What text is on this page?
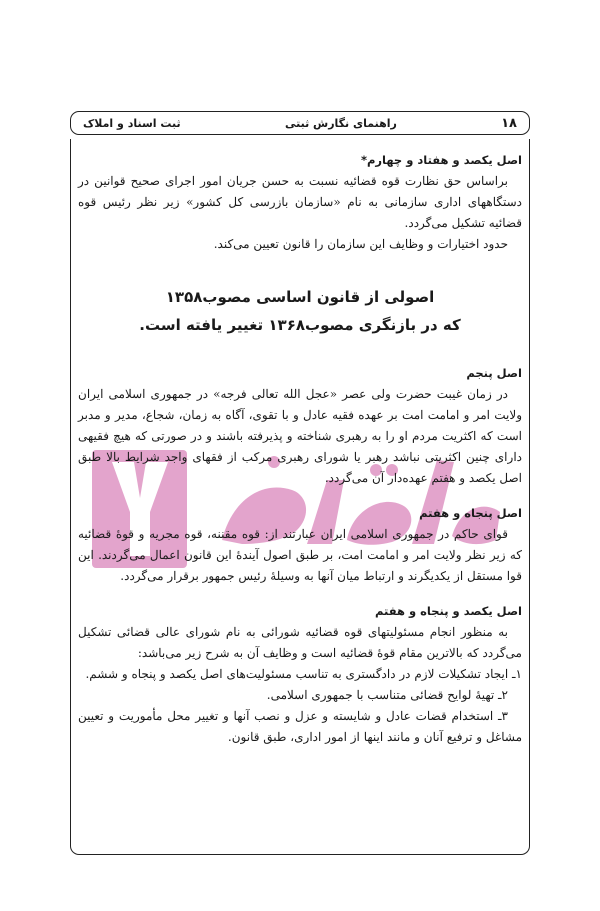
۱۸
راهنمای نگارش ثبتی
ثبت اسناد و املاک

اصل یکصد و هفتاد و چهارم*

براساس حق نظارت قوه قضائیه نسبت به حسن جریان امور اجرای صحیح قوانین در دستگاههای اداری سازمانی به نام «سازمان بازرسی کل کشور» زیر نظر رئیس قوه قضائیه تشکیل می‌گردد.

حدود اختیارات و وظایف این سازمان را قانون تعیین می‌کند.

اصولی از قانون اساسی مصوب۱۳۵۸

که در بازنگری مصوب۱۳۶۸ تغییر یافته است.

اصل پنجم

در زمان غیبت حضرت ولی عصر «عجل الله تعالی فرجه» در جمهوری اسلامی ایران ولایت امر و امامت امت بر عهده فقیه عادل و با تقوی، آگاه به زمان، شجاع، مدیر و مدبر است که اکثریت مردم او را به رهبری شناخته و پذیرفته باشند و در صورتی که هیچ فقیهی دارای چنین اکثریتی نباشد رهبر یا شورای رهبری مرکب از فقهای واجد شرایط بالا طبق اصل یکصد و هفتم عهده‌دار آن می‌گردد.

اصل پنجاه و هفتم

قوای حاکم در جمهوری اسلامی ایران عبارتند از: قوه مقننه، قوه مجریه و قوهٔ قضائیه که زیر نظر ولایت امر و امامت امت، بر طبق اصول آیندهٔ این قانون اعمال می‌گردند. این قوا مستقل از یکدیگرند و ارتباط میان آنها به وسیلهٔ رئیس جمهور برقرار می‌گردد.

اصل یکصد و پنجاه و هفتم

به منظور انجام مسئولیتهای قوه قضائیه شورائی به نام شورای عالی قضائی تشکیل می‌گردد که بالاترین مقام قوهٔ قضائیه است و وظایف آن به شرح زیر می‌باشد:

۱ـ ایجاد تشکیلات لازم در دادگستری به تناسب مسئولیت‌های اصل یکصد و پنجاه و ششم.

۲ـ تهیهٔ لوایح قضائی متناسب با جمهوری اسلامی.

۳ـ استخدام قضات عادل و شایسته و عزل و نصب آنها و تغییر محل مأموریت و تعیین مشاغل و ترفیع آنان و مانند اینها از امور اداری، طبق قانون.
